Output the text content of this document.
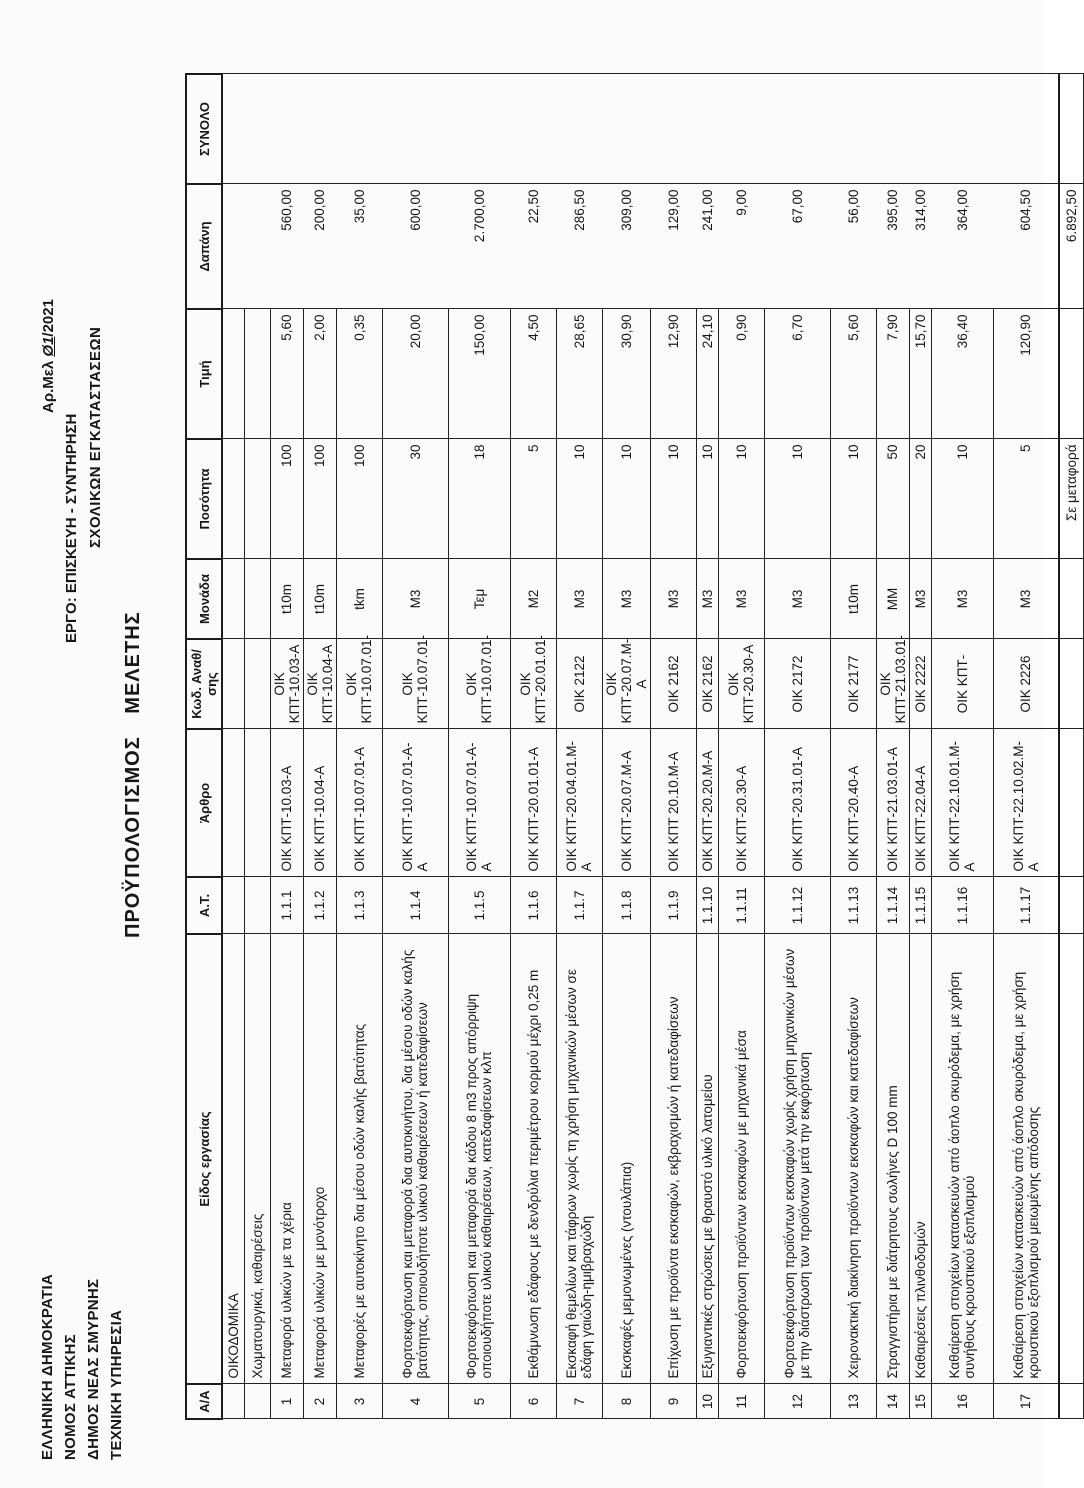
ΕΛΛΗΝΙΚΗ ΔΗΜΟΚΡΑΤΙΑ ΝΟΜΟΣ ΑΤΤΙΚΗΣ ΔΗΜΟΣ ΝΕΑΣ ΣΜΥΡΝΗΣ ΤΕΧΝΙΚΗ ΥΠΗΡΕΣΙΑ
Αρ.Μελ Ø1/2021
ΕΡΓΟ: ΕΠΙΣΚΕΥΗ - ΣΥΝΤΗΡΗΣΗ ΣΧΟΛΙΚΩΝ ΕΓΚΑΤΑΣΤΑΣΕΩΝ
ΠΡΟΫΠΟΛΟΓΙΣΜΟΣ ΜΕΛΕΤΗΣ
Α/Α	Είδος εργασίας	Α.Τ.	Άρθρο	Κωδ. Αναθ/σης	Μονάδα	Ποσότητα	Τιμή	Δαπάνη	ΣΥΝΟΛΟ

	ΟΙΚΟΔΟΜΙΚΑ								

	Χωματουργικά, καθαιρέσεις								

1	Μεταφορά υλικών με τα χέρια	1.1.1	ΟΙΚ ΚΠΤ-10.03-Α	ΟΙΚ ΚΠΤ-10.03-Α	t10m	100	5,60	560,00	
2	Μεταφορά υλικών με μονότροχο	1.1.2	ΟΙΚ ΚΠΤ-10.04-Α	ΟΙΚ ΚΠΤ-10.04-Α	t10m	100	2,00	200,00	
3	Μεταφορές με αυτοκίνητο δια μέσου οδών καλής βατότητας	1.1.3	ΟΙΚ ΚΠΤ-10.07.01-Α	ΟΙΚ ΚΠΤ-10.07.01-	tkm	100	0,35	35,00	
4	Φορτοεκφόρτωση και μεταφορά δια αυτοκινήτου, δια μέσου οδών καλής βατότητας, οποιουδήποτε υλικού καθαιρέσεων ή κατεδαφίσεων	1.1.4	ΟΙΚ ΚΠΤ-10.07.01-Α-Α	ΟΙΚ ΚΠΤ-10.07.01-	Μ3	30	20,00	600,00	
5	Φορτοεκφόρτωση και μεταφορά δια κάδου 8 m3 προς απόρριψη οποιουδήποτε υλικού καθαιρέσεων, κατεδαφίσεων κλπ	1.1.5	ΟΙΚ ΚΠΤ-10.07.01-Α-Α	ΟΙΚ ΚΠΤ-10.07.01-	Τεμ	18	150,00	2.700,00	
6	Εκθάμνωση εδάφους με δενδρύλια περιμέτρου κορμού μέχρι 0,25 m	1.1.6	ΟΙΚ ΚΠΤ-20.01.01-Α	ΟΙΚ ΚΠΤ-20.01.01-	Μ2	5	4,50	22,50	
7	Εκσκαφή θεμελίων και τάφρων χωρίς τη χρήση μηχανικών μέσων σε εδάφη γαιώδη-ημιβραχώδη	1.1.7	ΟΙΚ ΚΠΤ-20.04.01.Μ-Α	ΟΙΚ 2122	Μ3	10	28,65	286,50	
8	Εκσκαφές μεμονωμένες (ντουλάπια)	1.1.8	ΟΙΚ ΚΠΤ-20.07.Μ-Α	ΟΙΚ ΚΠΤ-20.07.Μ-Α	Μ3	10	30,90	309,00	
9	Επίχωση με προϊόντα εκσκαφών, εκβραχισμών ή κατεδαφίσεων	1.1.9	ΟΙΚ ΚΠΤ 20.10.Μ-Α	ΟΙΚ 2162	Μ3	10	12,90	129,00	
10	Εξυγιαντικές στρώσεις με θραυστό υλικό λατομείου	1.1.10	ΟΙΚ ΚΠΤ-20.20.Μ-Α	ΟΙΚ 2162	Μ3	10	24,10	241,00	
11	Φορτοεκφόρτωση προϊόντων εκσκαφών με μηχανικά μέσα	1.1.11	ΟΙΚ ΚΠΤ-20.30-Α	ΟΙΚ ΚΠΤ-20.30-Α	Μ3	10	0,90	9,00	
12	Φορτοεκφόρτωση προϊόντων εκσκαφών χωρίς χρήση μηχανικών μέσων με την διάστρωση των προϊόντων μετά την εκφόρτωση	1.1.12	ΟΙΚ ΚΠΤ-20.31.01-Α	ΟΙΚ 2172	Μ3	10	6,70	67,00	
13	Χειρονακτική διακίνηση προϊόντων εκσκαφών και κατεδαφίσεων	1.1.13	ΟΙΚ ΚΠΤ-20.40-Α	ΟΙΚ 2177	t10m	10	5,60	56,00	
14	Στραγγιστήρια με διάτρητους σωλήνες D 100 mm	1.1.14	ΟΙΚ ΚΠΤ-21.03.01-Α	ΟΙΚ ΚΠΤ-21.03.01-	ΜΜ	50	7,90	395,00	
15	Καθαιρέσεις πλινθοδομών	1.1.15	ΟΙΚ ΚΠΤ-22.04-Α	ΟΙΚ 2222	Μ3	20	15,70	314,00	
16	Καθαίρεση στοιχείων κατασκευών από άοπλο σκυρόδεμα, με χρήση συνήθους κρουστικού εξοπλισμού	1.1.16	ΟΙΚ ΚΠΤ-22.10.01.Μ-Α	ΟΙΚ ΚΠΤ-	Μ3	10	36,40	364,00	
17	Καθαίρεση στοιχείων κατασκευών από άοπλο σκυρόδεμα, με χρήση κρουστικού εξοπλισμού μειωμένης απόδοσης	1.1.17	ΟΙΚ ΚΠΤ-22.10.02.Μ-Α	ΟΙΚ 2226	Μ3	5	120,90	604,50	
						Σε μεταφορά		6.892,50	
